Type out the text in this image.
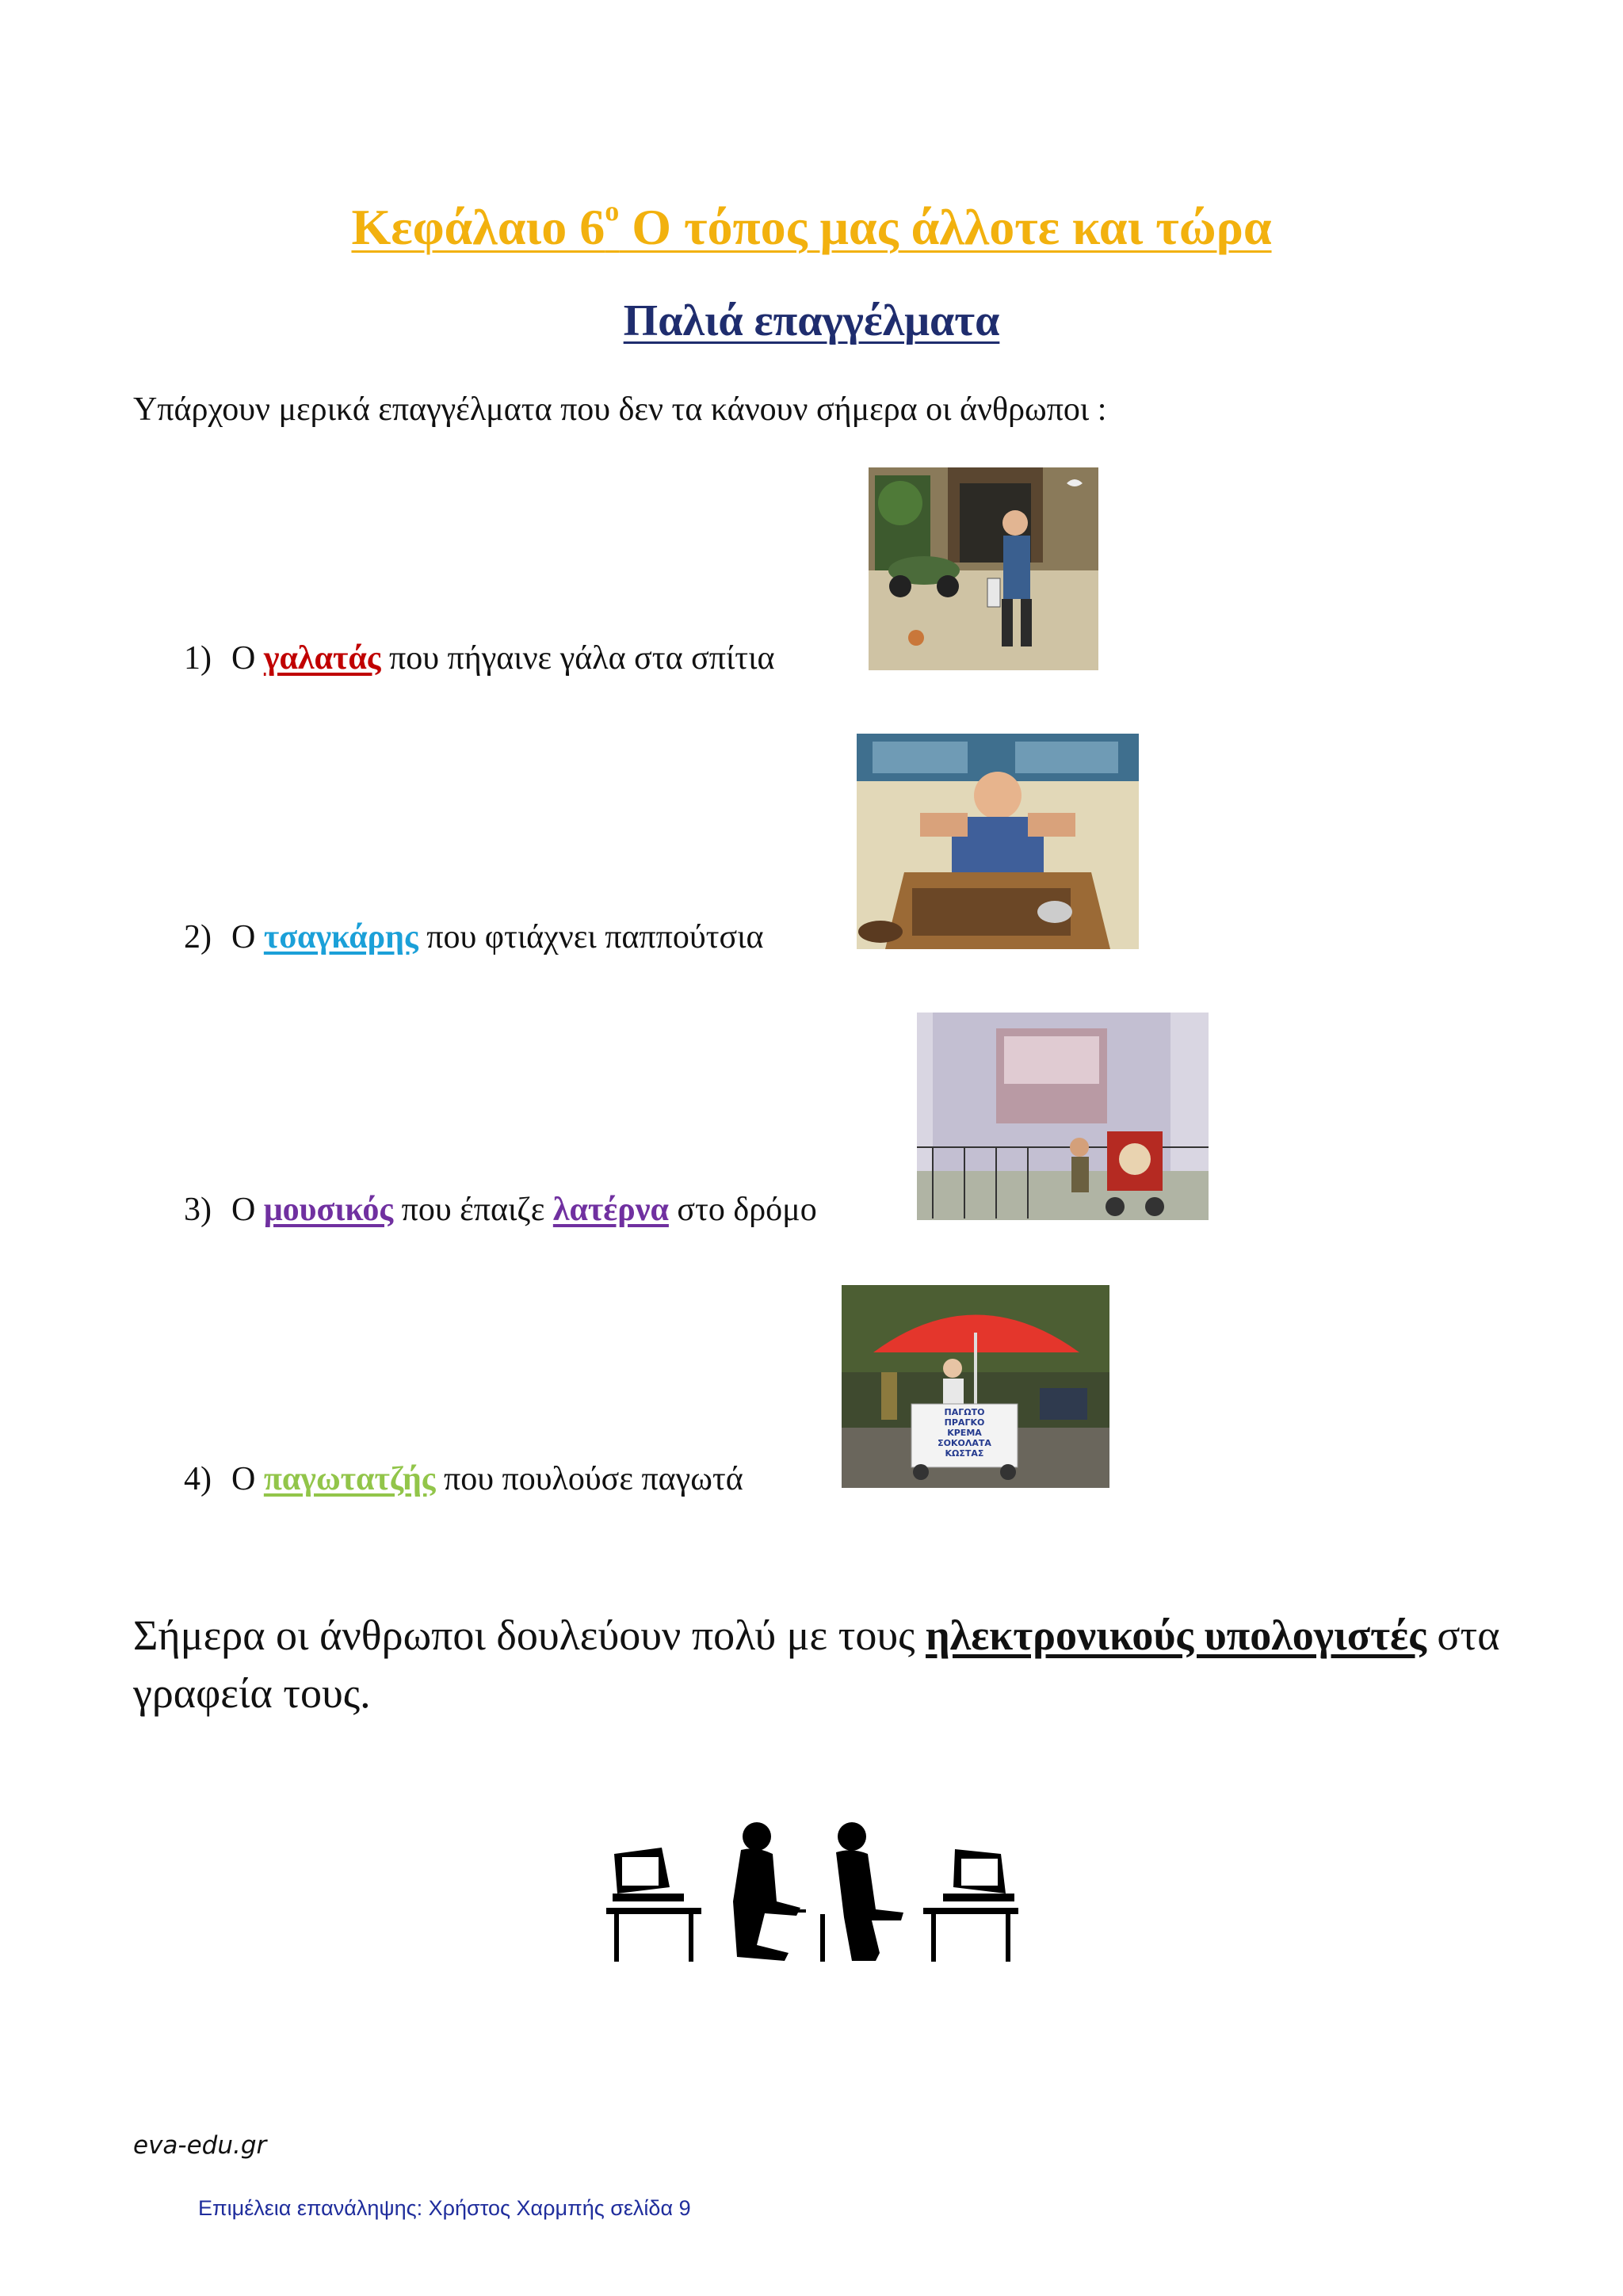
Κεφάλαιο $6^o$ Ο τόπος μας άλλοτε και τώρα
Παλιά επαγγέλματα

Υπάρχουν μερικά επαγγέλματα που δεν τα κάνουν σήμερα οι άνθρωποι :

1) Ο γαλατάς που πήγαινε γάλα στα σπίτια
2) Ο τσαγκάρης που φτιάχνει παππούτσια
3) Ο μουσικός που έπαιζε λατέρνα στο δρόμο
4) Ο παγωτατζής που πουλούσε παγωτά
ΠΑΓΩΤΟ
ΠΡΑΓΚΟ
ΚΡΕΜΑ
ΣΟΚΟΛΑΤΑ
ΚΩΣΤΑΣ

Σήμερα οι άνθρωποι δουλεύουν πολύ με τους ηλεκτρονικούς υπολογιστές στα γραφεία τους.

eva-edu.gr
Επιμέλεια επανάληψης: Χρήστος Χαρμπής σελίδα 9
